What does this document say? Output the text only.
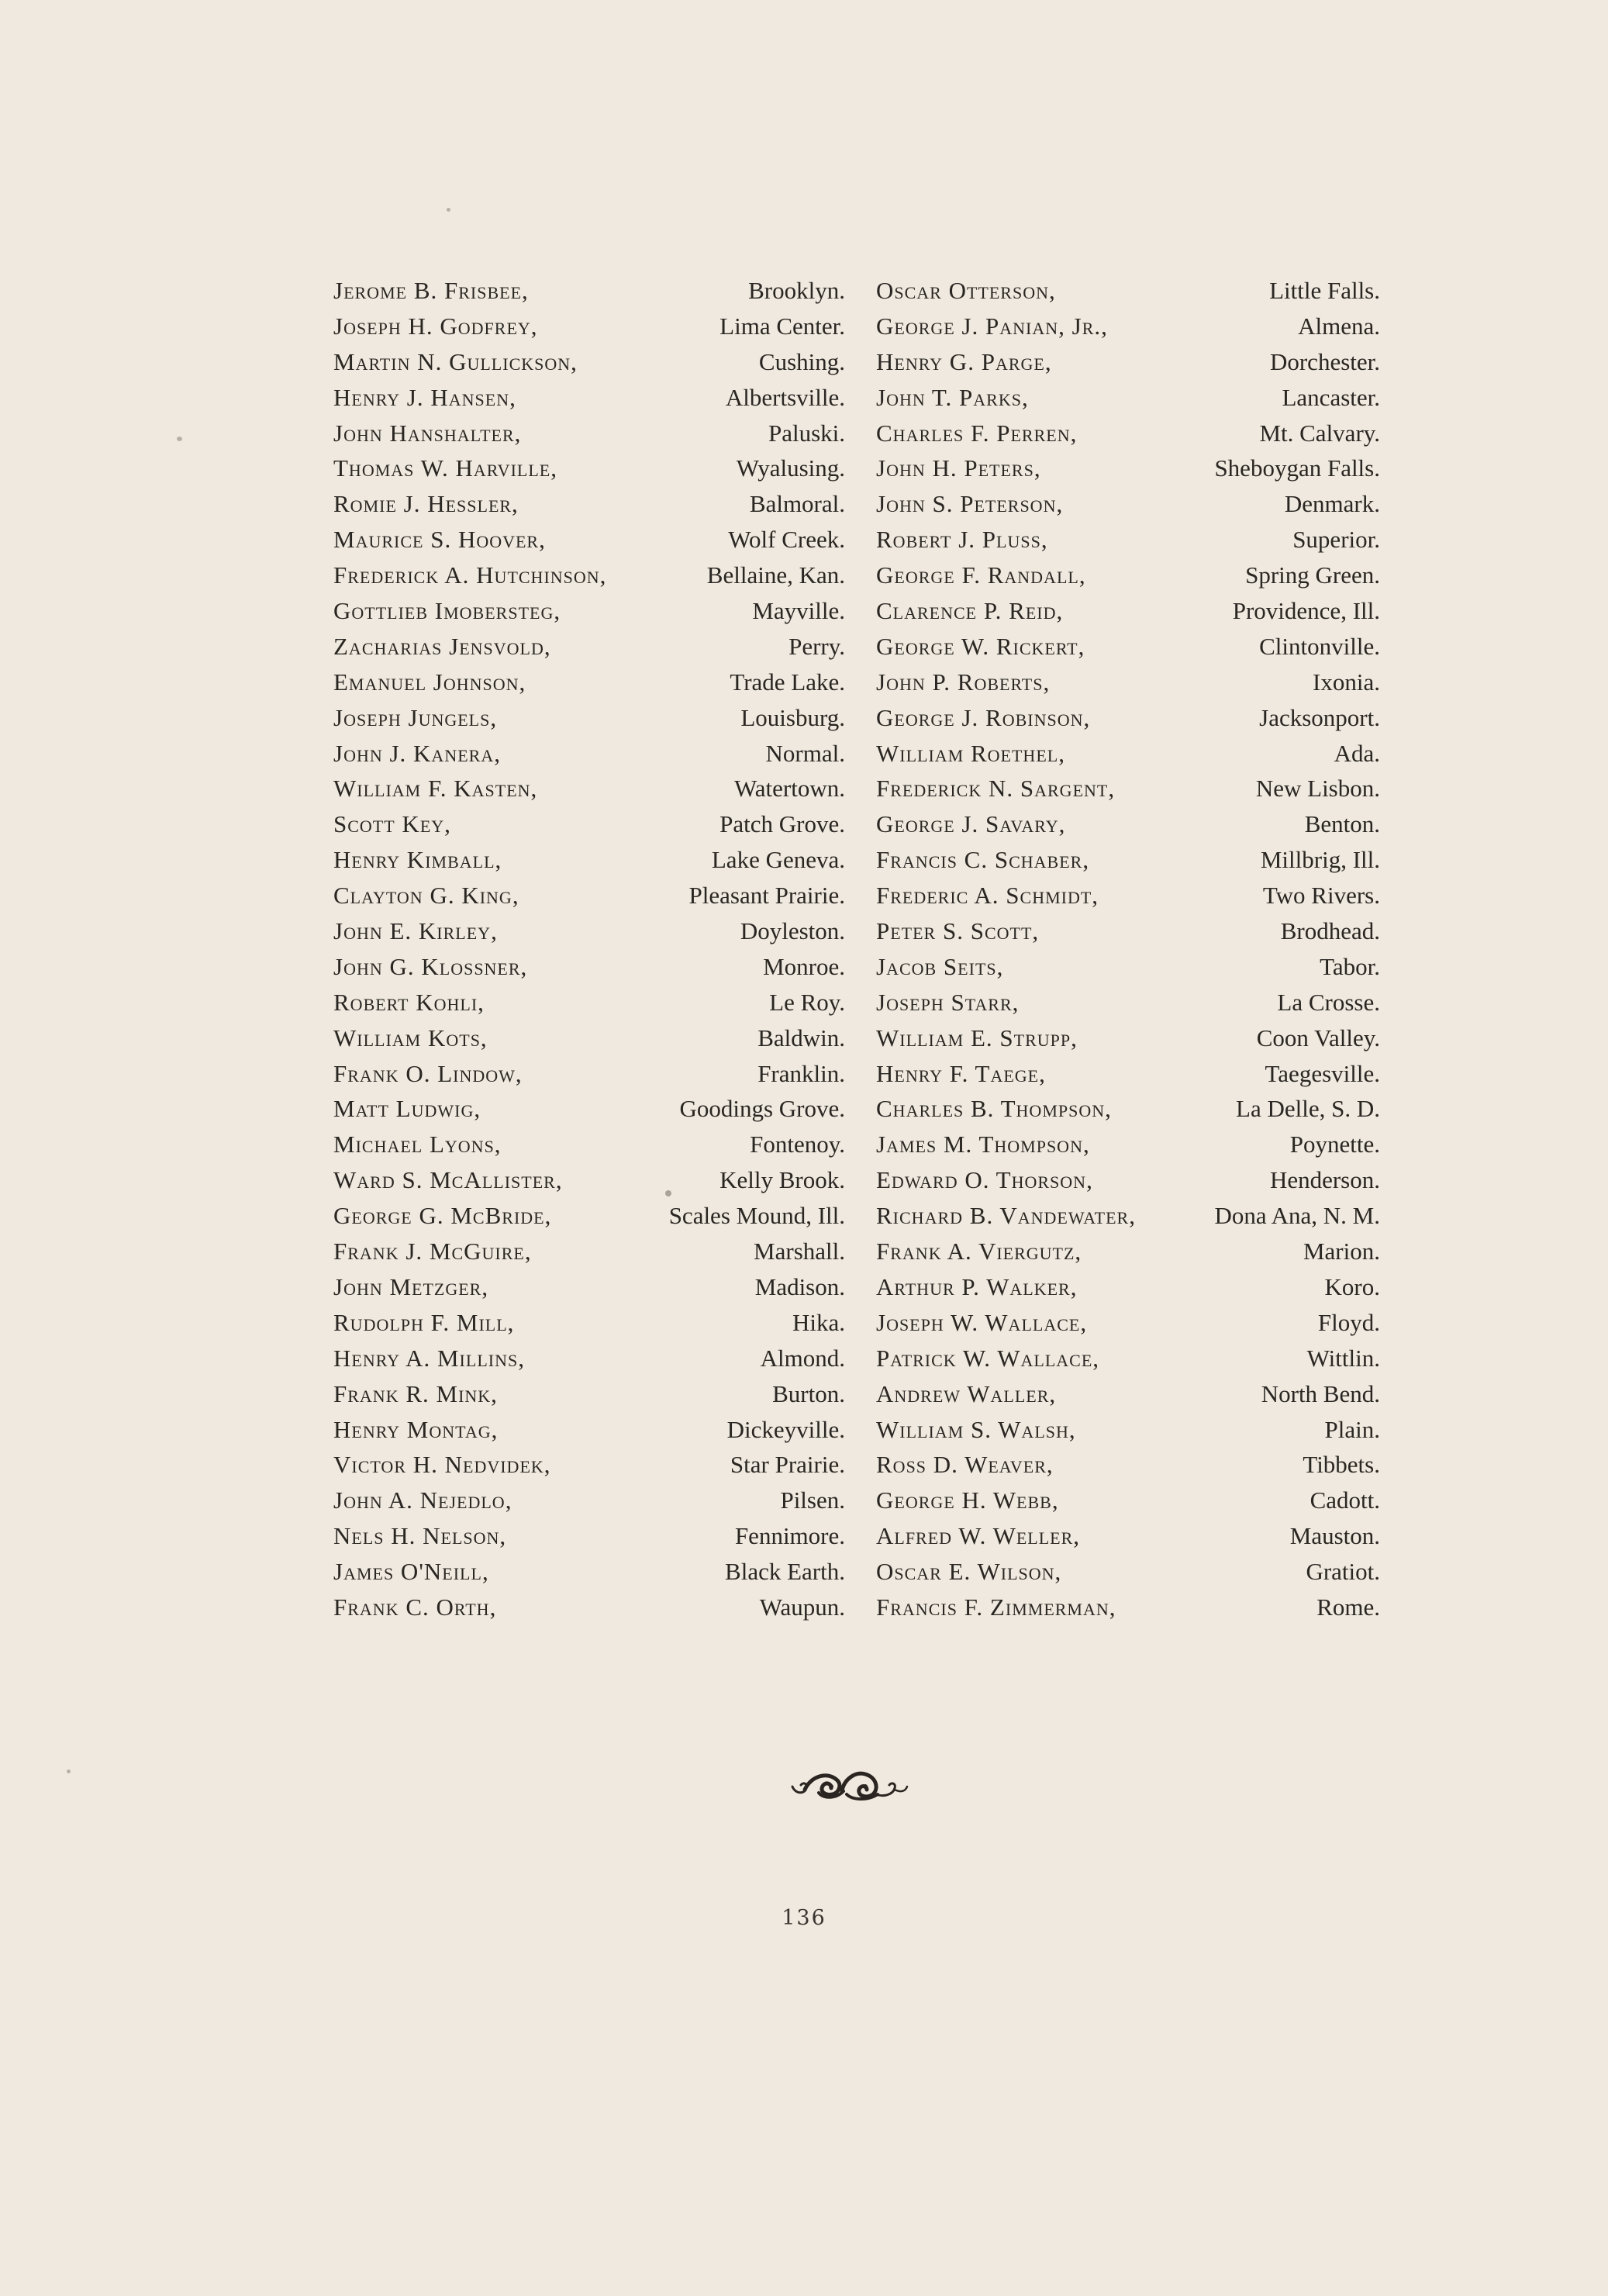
Jerome B. Frisbee,	Brooklyn.
Joseph H. Godfrey,	Lima Center.
Martin N. Gullickson,	Cushing.
Henry J. Hansen,	Albertsville.
John Hanshalter,	Paluski.
Thomas W. Harville,	Wyalusing.
Romie J. Hessler,	Balmoral.
Maurice S. Hoover,	Wolf Creek.
Frederick A. Hutchinson,	Bellaine, Kan.
Gottlieb Imobersteg,	Mayville.
Zacharias Jensvold,	Perry.
Emanuel Johnson,	Trade Lake.
Joseph Jungels,	Louisburg.
John J. Kanera,	Normal.
William F. Kasten,	Watertown.
Scott Key,	Patch Grove.
Henry Kimball,	Lake Geneva.
Clayton G. King,	Pleasant Prairie.
John E. Kirley,	Doyleston.
John G. Klossner,	Monroe.
Robert Kohli,	Le Roy.
William Kots,	Baldwin.
Frank O. Lindow,	Franklin.
Matt Ludwig,	Goodings Grove.
Michael Lyons,	Fontenoy.
Ward S. McAllister,	Kelly Brook.
George G. McBride,	Scales Mound, Ill.
Frank J. McGuire,	Marshall.
John Metzger,	Madison.
Rudolph F. Mill,	Hika.
Henry A. Millins,	Almond.
Frank R. Mink,	Burton.
Henry Montag,	Dickeyville.
Victor H. Nedvidek,	Star Prairie.
John A. Nejedlo,	Pilsen.
Nels H. Nelson,	Fennimore.
James O'Neill,	Black Earth.
Frank C. Orth,	Waupun.
Oscar Otterson,	Little Falls.
George J. Panian, Jr.,	Almena.
Henry G. Parge,	Dorchester.
John T. Parks,	Lancaster.
Charles F. Perren,	Mt. Calvary.
John H. Peters,	Sheboygan Falls.
John S. Peterson,	Denmark.
Robert J. Pluss,	Superior.
George F. Randall,	Spring Green.
Clarence P. Reid,	Providence, Ill.
George W. Rickert,	Clintonville.
John P. Roberts,	Ixonia.
George J. Robinson,	Jacksonport.
William Roethel,	Ada.
Frederick N. Sargent,	New Lisbon.
George J. Savary,	Benton.
Francis C. Schaber,	Millbrig, Ill.
Frederic A. Schmidt,	Two Rivers.
Peter S. Scott,	Brodhead.
Jacob Seits,	Tabor.
Joseph Starr,	La Crosse.
William E. Strupp,	Coon Valley.
Henry F. Taege,	Taegesville.
Charles B. Thompson,	La Delle, S. D.
James M. Thompson,	Poynette.
Edward O. Thorson,	Henderson.
Richard B. Vandewater,	Dona Ana, N. M.
Frank A. Viergutz,	Marion.
Arthur P. Walker,	Koro.
Joseph W. Wallace,	Floyd.
Patrick W. Wallace,	Wittlin.
Andrew Waller,	North Bend.
William S. Walsh,	Plain.
Ross D. Weaver,	Tibbets.
George H. Webb,	Cadott.
Alfred W. Weller,	Mauston.
Oscar E. Wilson,	Gratiot.
Francis F. Zimmerman,	Rome.
136
